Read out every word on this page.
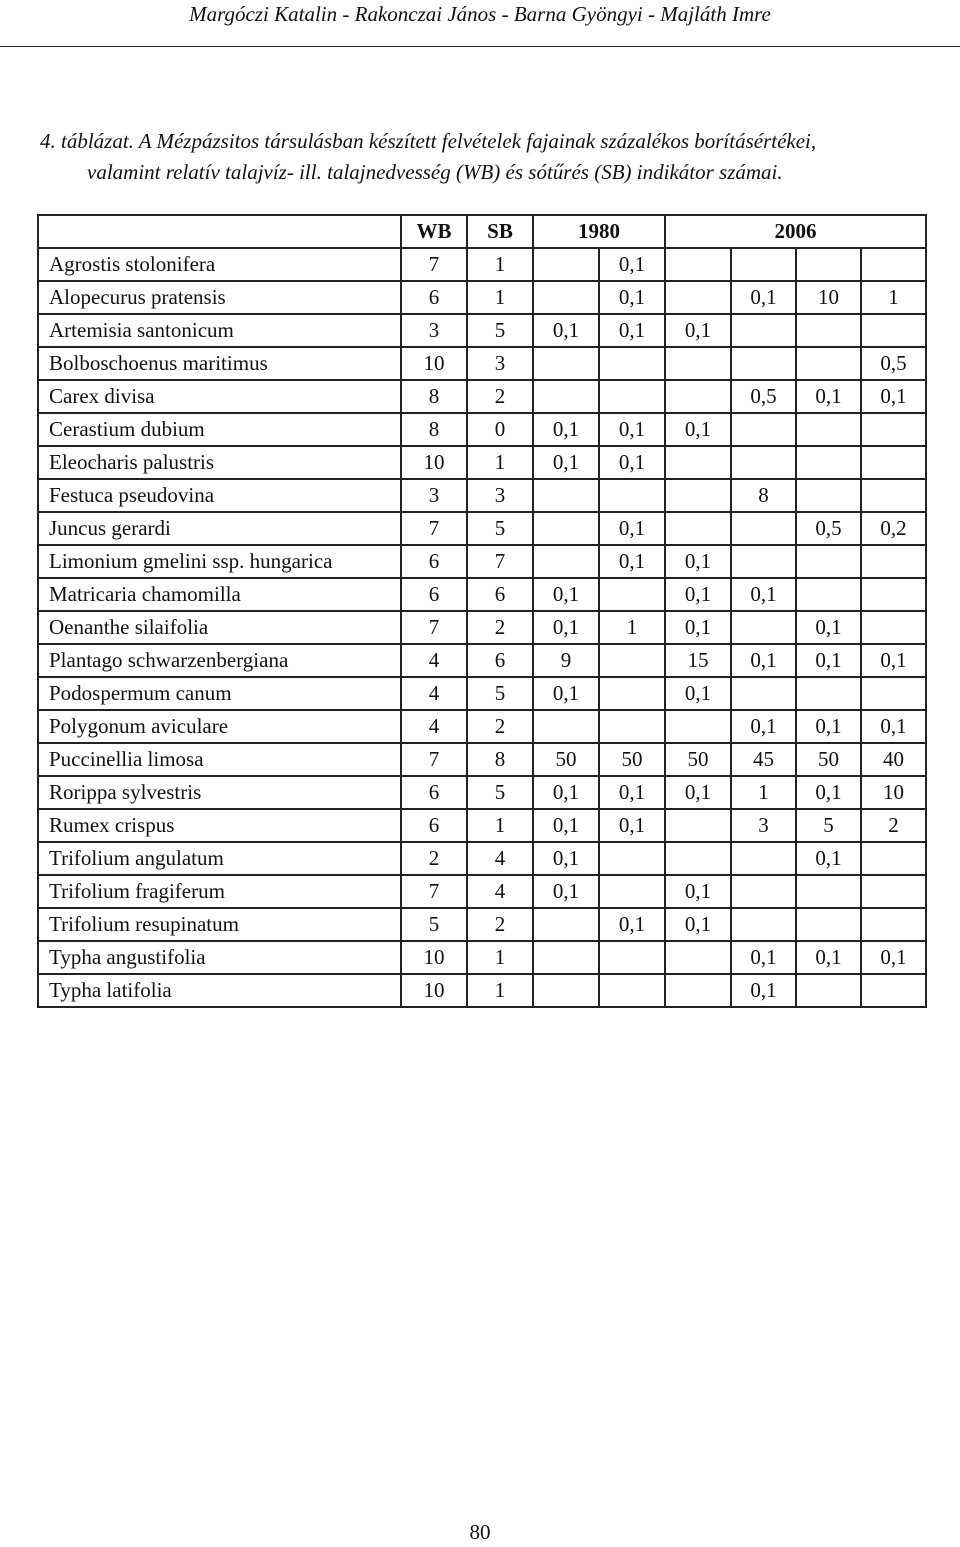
Margóczi Katalin - Rakonczai János - Barna Gyöngyi - Majláth Imre
4. táblázat. A Mézpázsitos társulásban készített felvételek fajainak százalékos borításértékei,
valamint relatív talajvíz- ill. talajnedvesség (WB) és sótűrés (SB) indikátor számai.
	WB	SB	1980		2006			
Agrostis stolonifera	7	1		0,1				
Alopecurus pratensis	6	1		0,1		0,1	10	1
Artemisia santonicum	3	5	0,1	0,1	0,1			
Bolboschoenus maritimus	10	3						0,5
Carex divisa	8	2				0,5	0,1	0,1
Cerastium dubium	8	0	0,1	0,1	0,1			
Eleocharis palustris	10	1	0,1	0,1				
Festuca pseudovina	3	3				8		
Juncus gerardi	7	5		0,1			0,5	0,2
Limonium gmelini ssp. hungarica	6	7		0,1	0,1			
Matricaria chamomilla	6	6	0,1		0,1	0,1		
Oenanthe silaifolia	7	2	0,1	1	0,1		0,1	
Plantago schwarzenbergiana	4	6	9		15	0,1	0,1	0,1
Podospermum canum	4	5	0,1		0,1			
Polygonum aviculare	4	2				0,1	0,1	0,1
Puccinellia limosa	7	8	50	50	50	45	50	40
Rorippa sylvestris	6	5	0,1	0,1	0,1	1	0,1	10
Rumex crispus	6	1	0,1	0,1		3	5	2
Trifolium angulatum	2	4	0,1				0,1	
Trifolium fragiferum	7	4	0,1		0,1			
Trifolium resupinatum	5	2		0,1	0,1			
Typha angustifolia	10	1				0,1	0,1	0,1
Typha latifolia	10	1				0,1		
80
